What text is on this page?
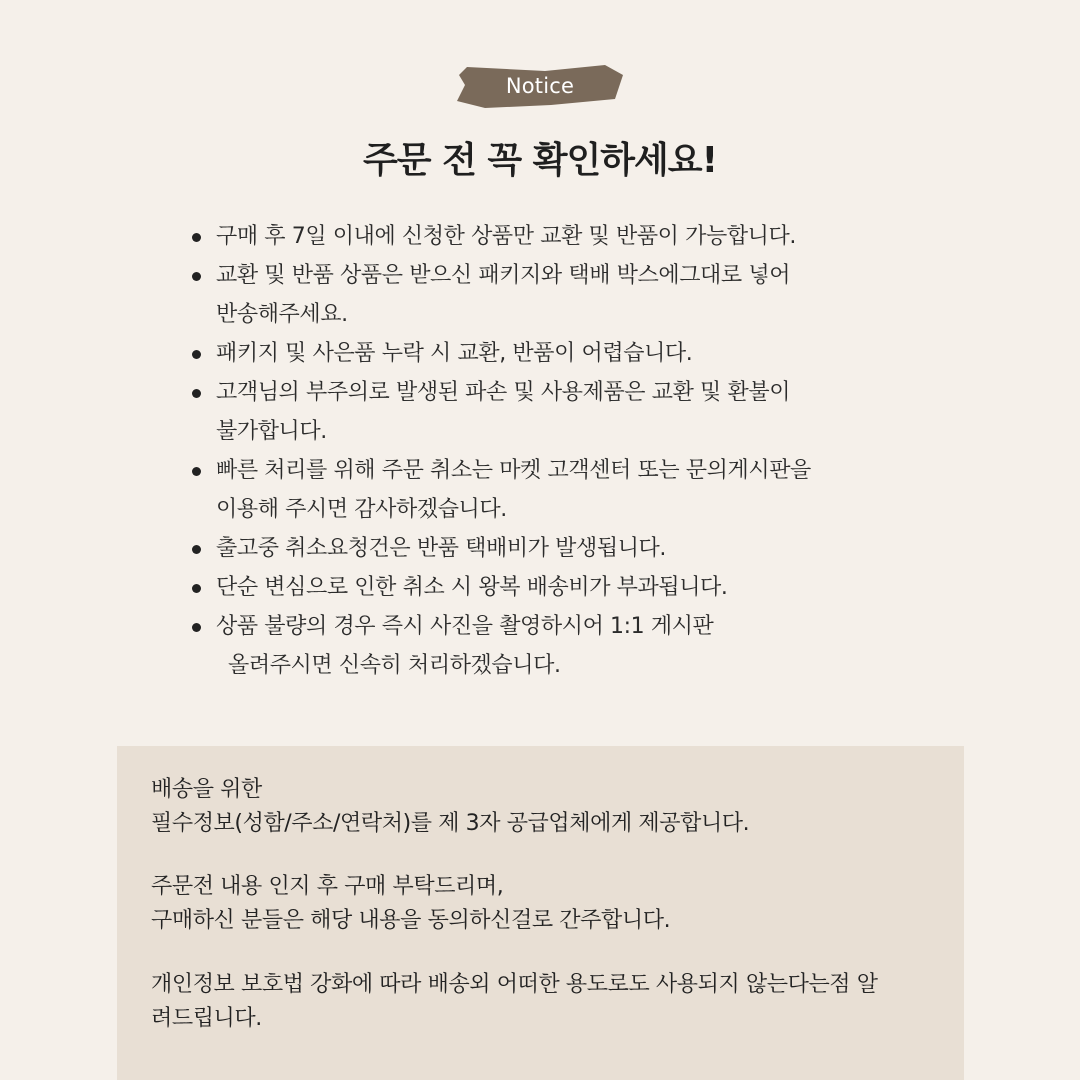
Notice
주문 전 꼭 확인하세요!
구매 후 7일 이내에 신청한 상품만 교환 및 반품이 가능합니다.
교환 및 반품 상품은 받으신 패키지와 택배 박스에그대로 넣어
반송해주세요.
패키지 및 사은품 누락 시 교환, 반품이 어렵습니다.
고객님의 부주의로 발생된 파손 및 사용제품은 교환 및 환불이
불가합니다.
빠른 처리를 위해 주문 취소는 마켓 고객센터 또는 문의게시판을
이용해 주시면 감사하겠습니다.
출고중 취소요청건은 반품 택배비가 발생됩니다.
단순 변심으로 인한 취소 시 왕복 배송비가 부과됩니다.
상품 불량의 경우 즉시 사진을 촬영하시어 1:1 게시판
올려주시면 신속히 처리하겠습니다.

배송을 위한
필수정보(성함/주소/연락처)를 제 3자 공급업체에게 제공합니다.

주문전 내용 인지 후 구매 부탁드리며,
구매하신 분들은 해당 내용을 동의하신걸로 간주합니다.

개인정보 보호법 강화에 따라 배송외 어떠한 용도로도 사용되지 않는다는점 알
려드립니다.
